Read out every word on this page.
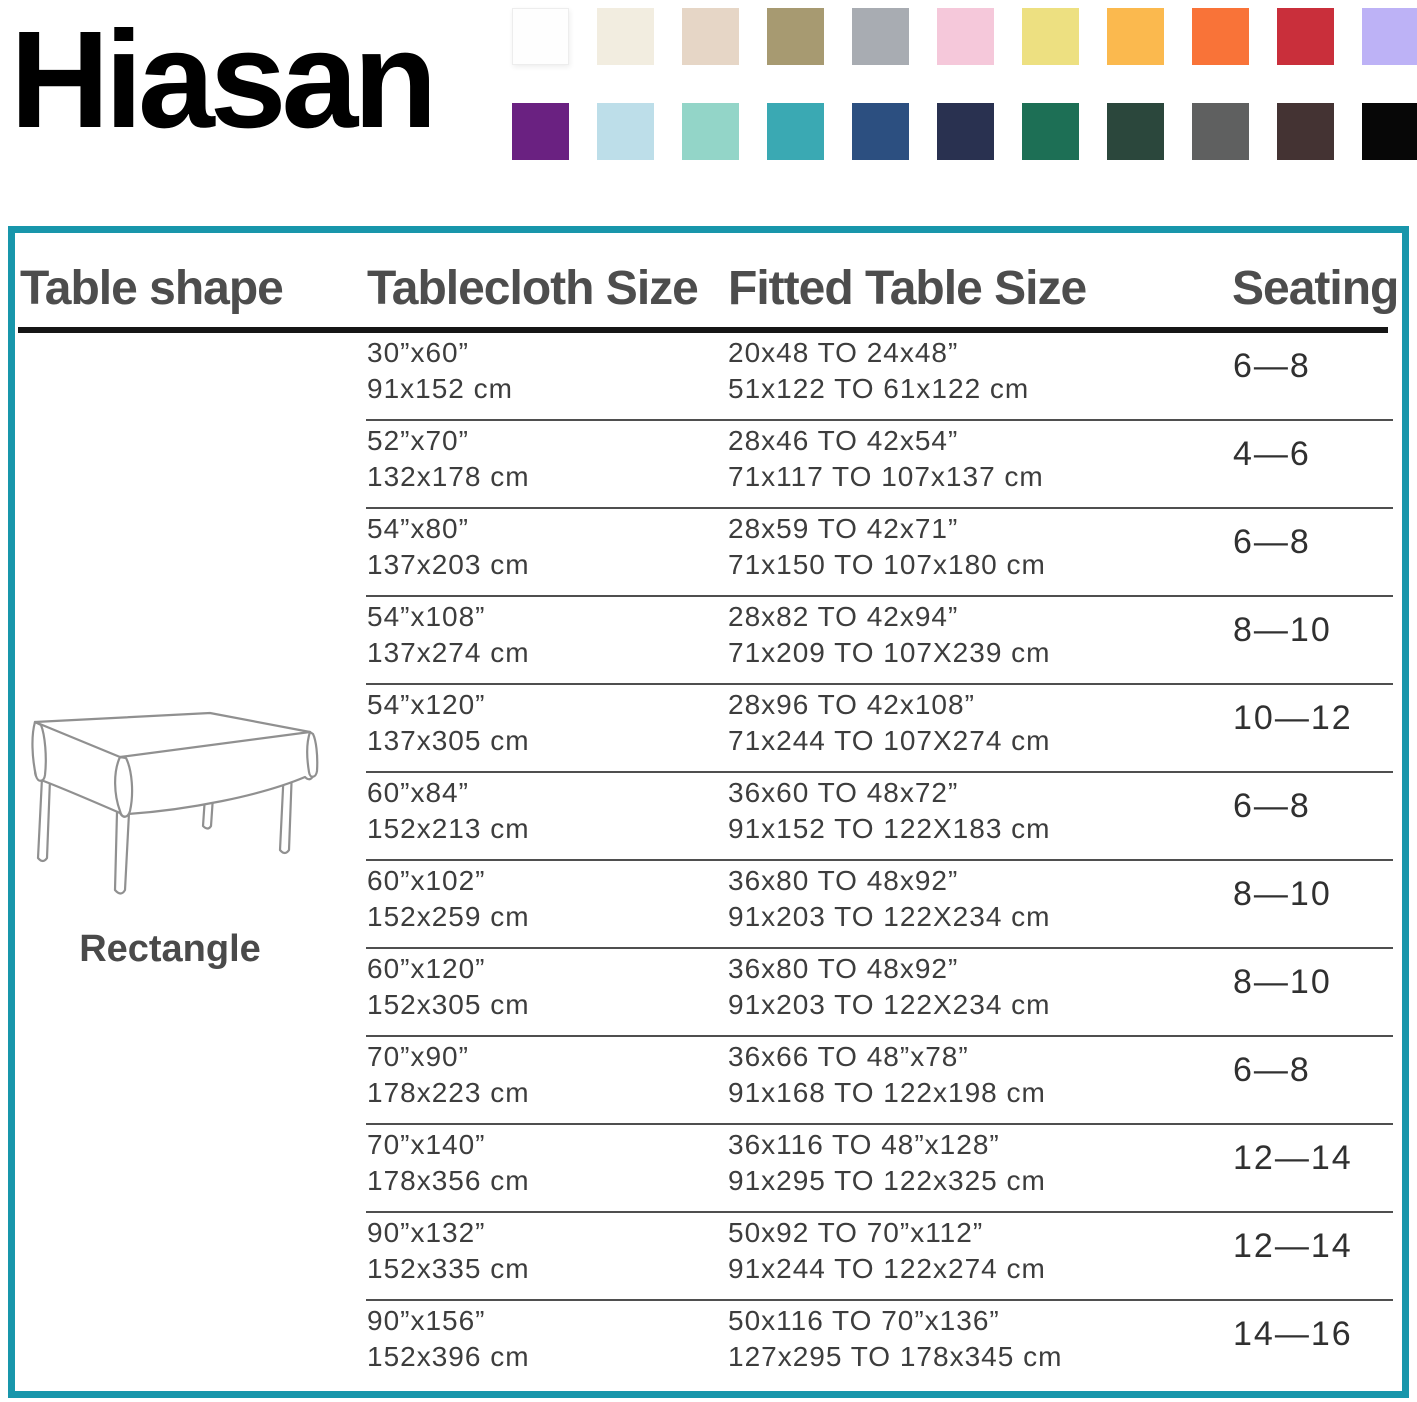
Hiasan
Table shape Tablecloth Size Fitted Table Size	Seating
Rectangle
30”x60”
91x152 cm
20x48 TO 24x48”
51x122 TO 61x122 cm
6—8
52”x70”
132x178 cm
28x46 TO 42x54”
71x117 TO 107x137 cm
4—6
54”x80”
137x203 cm
28x59 TO 42x71”
71x150 TO 107x180 cm
6—8
54”x108”
137x274 cm
28x82 TO 42x94”
71x209 TO 107X239 cm
8—10
54”x120”
137x305 cm
28x96 TO 42x108”
71x244 TO 107X274 cm
10—12
60”x84”
152x213 cm
36x60 TO 48x72”
91x152 TO 122X183 cm
6—8
60”x102”
152x259 cm
36x80 TO 48x92”
91x203 TO 122X234 cm
8—10
60”x120”
152x305 cm
36x80 TO 48x92”
91x203 TO 122X234 cm
8—10
70”x90”
178x223 cm
36x66 TO 48”x78”
91x168 TO 122x198 cm
6—8
70”x140”
178x356 cm
36x116 TO 48”x128”
91x295 TO 122x325 cm
12—14
90”x132”
152x335 cm
50x92 TO 70”x112”
91x244 TO 122x274 cm
12—14
90”x156”
152x396 cm
50x116 TO 70”x136”
127x295 TO 178x345 cm
14—16
